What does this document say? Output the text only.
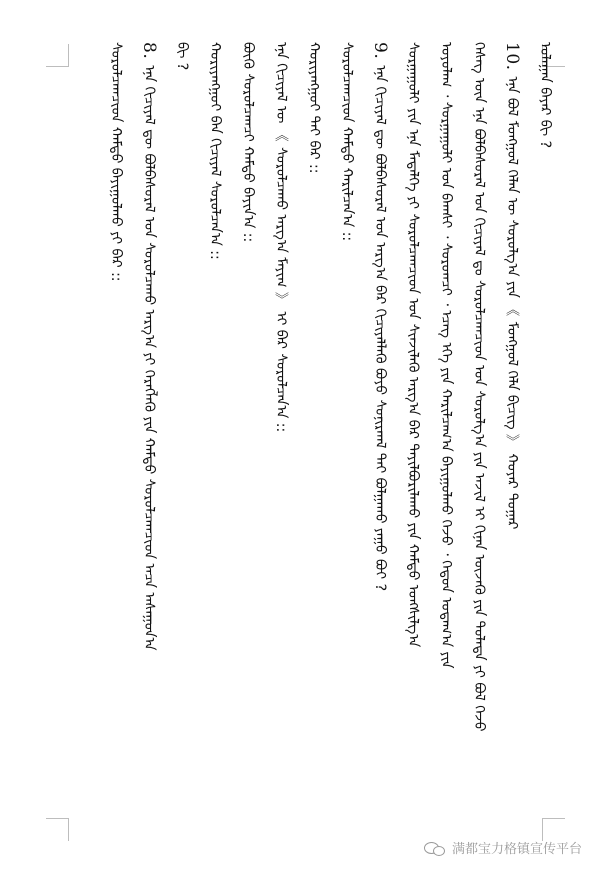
ᠤᠯᠠᠭᠠᠨ ᠪᠠᠶᠠᠷ ᠪᠢ ?
10.ᠡᠨᠡ ᠪᠤᠯ ᠮᠣᠩᠭᠣᠯ ᠬᠡᠯᠡᠨ ᠦ ᠰᠤᠷᠤᠯᠭ᠎ᠠ ᠶᠢᠨ 《 ᠮᠣᠩᠭᠣᠯ ᠬᠡᠯᠡ ᠪᠢᠴᠢᠭ 》 ᠬᠣᠶᠠᠷ ᠳᠤᠭᠠᠷ
ᠬᠡᠰᠡᠭ ᠦᠨ ᠡᠨᠡ ᠪᠣᠯᠪᠠᠰᠤᠷᠠᠯ ᠤᠨ ᠬᠢᠴᠢᠶᠡᠯ ᠳᠤ ᠰᠤᠷᠤᠯᠴᠠᠭᠴᠢᠳ ᠤᠨ ᠰᠤᠷᠤᠯᠭ᠎ᠠ ᠶᠢᠨ ᠠᠵᠢᠯ ᠢ ᠬᠢᠨᠠᠨ ᠦᠵᠡᠬᠦ ᠶᠢᠨ ᠲᠤᠯᠠᠳᠠ ᠶᠢ ᠪᠤᠯ ᠭᠡᠵᠦ
ᠤᠶᠤᠯᠠᠭ ᠂ ᠰᠤᠷᠭᠠᠭᠤᠯᠢ ᠤᠨ ᠪᠠᠭᠰᠢ ᠂ ᠰᠤᠷᠤᠭᠴᠢ ᠂ ᠡᠴᠡᠭ᠌ ᠡᠬᠡ ᠶᠢᠨ ᠬᠠᠷᠢᠯᠴᠠᠭ᠎ᠠ ᠪᠠᠶᠢᠭᠤᠯᠬᠤ ᠭᠡᠵᠦ ᠂ ᠬᠡᠳᠦᠨ ᠤᠳᠠᠭ᠎ᠠ ᠶᠢᠨ
ᠰᠤᠷᠭᠠᠭᠤᠯᠢ ᠶᠢᠨ ᠡᠨᠡ ᠮᠡᠳᠡᠯᠭᠡ ᠶᠢ ᠰᠤᠷᠤᠯᠴᠠᠭᠴᠢᠳ ᠤᠨ ᠰᠢᠨᠵᠢᠯᠡᠬᠦ ᠠᠷᠭ᠎ᠠ ᠪᠠᠷ ᠲᠠᠶᠢᠯᠪᠤᠷᠢᠯᠠᠬᠤ ᠶᠢᠨ ᠬᠠᠮᠲᠤ ᠤᠩᠰᠢᠯᠭ᠎ᠠ
9.ᠡᠨᠡ ᠬᠢᠴᠢᠶᠡᠯ ᠳᠦ ᠪᠣᠯᠪᠠᠰᠤᠷᠠᠯ ᠤᠨ ᠠᠷᠭ᠎ᠠ ᠪᠠᠷ ᠬᠢᠴᠢᠶᠡᠯᠯᠡᠬᠦ ᠪᠤᠶᠤ ᠰᠣᠨᠢᠷᠬᠠᠯ ᠲᠠᠢ ᠪᠤᠯᠭᠠᠬᠤ ᠶᠠᠭᠤ ᠪᠤᠢ ?
ᠰᠤᠷᠤᠯᠴᠠᠭᠴᠢᠳ ᠬᠠᠮᠲᠤ ᠬᠠᠷᠢᠯᠴᠠᠨ᠎ᠠ ::
ᠬᠤᠷᠢᠶᠠᠩᠭᠤᠢ ᠲᠠᠢ ᠪᠠᠷ ::
ᠡᠨᠡ ᠬᠢᠴᠢᠶᠡᠯ ᠦ 《 ᠰᠤᠷᠤᠯᠴᠠᠬᠤ ᠠᠷᠭ᠎ᠠ ᠮᠠᠶᠢᠭ 》 ᠢ ᠪᠠᠷ ᠰᠤᠷᠤᠯᠴᠠᠨ᠎ᠠ ::
ᠪᠦᠬᠦ ᠰᠤᠷᠤᠯᠴᠠᠭᠴᠢ ᠬᠠᠮᠲᠤ ᠪᠠᠶᠢᠨ᠎ᠠ ::
ᠬᠤᠷᠢᠶᠠᠩᠭᠤᠢ ᠪᠡᠨ ᠬᠢᠴᠢᠶᠡᠯ ᠰᠤᠷᠤᠯᠴᠠᠨ᠎ᠠ ::
ᠪᠢ ?
8.ᠡᠨᠡ ᠬᠢᠴᠢᠶᠡᠯ ᠳᠦ ᠪᠣᠯᠪᠠᠰᠤᠷᠠᠯ ᠤᠨ ᠰᠤᠷᠤᠯᠴᠠᠬᠤ ᠠᠷᠭ᠎ᠠ ᠶᠢ ᠬᠡᠷᠡᠭᠯᠡᠬᠦ ᠶᠢᠨ ᠬᠠᠮᠲᠤ ᠰᠤᠷᠤᠯᠴᠠᠭᠴᠢᠳ ᠠᠴᠠ ᠠᠰᠠᠭᠤᠨ᠎ᠠ
ᠰᠤᠷᠤᠯᠴᠠᠭᠴᠢᠳ ᠬᠠᠮᠲᠤ ᠪᠠᠶᠢᠭᠤᠯᠬᠤ ᠶᠢ ᠪᠠᠷ ::
满都宝力格镇宣传平台
